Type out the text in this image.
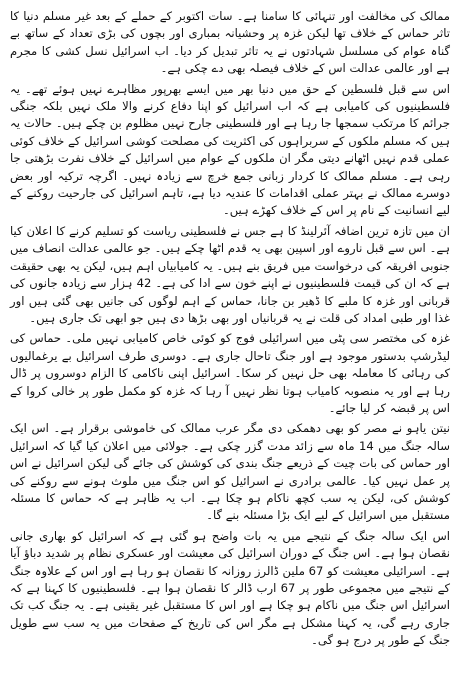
ممالک کی مخالفت اور تنہائی کا سامنا ہے۔ سات اکتوبر کے حملے کے بعد غیر مسلم دنیا کا تاثر حماس کے خلاف تھا لیکن غزہ پر وحشیانہ بمباری اور بچوں کی بڑی تعداد کے ساتھ بے گناہ عوام کی مسلسل شہادتوں نے یہ تاثر تبدیل کر دیا۔ اب اسرائیل نسل کشی کا مجرم ہے اور عالمی عدالت اس کے خلاف فیصلہ بھی دے چکی ہے۔

اس سے قبل فلسطین کے حق میں دنیا بھر میں ایسے بھرپور مظاہرے نہیں ہوئے تھے۔ یہ فلسطینیوں کی کامیابی ہے کہ اب اسرائیل کو اپنا دفاع کرنے والا ملک نہیں بلکہ جنگی جرائم کا مرتکب سمجھا جا رہا ہے اور فلسطینی جارح نہیں مظلوم بن چکے ہیں۔ حالات یہ ہیں کہ مسلم ملکوں کے سربراہوں کی اکثریت کی مصلحت کوشی اسرائیل کے خلاف کوئی عملی قدم نہیں اٹھانے دیتی مگر ان ملکوں کے عوام میں اسرائیل کے خلاف نفرت بڑھتی جا رہی ہے۔ مسلم ممالک کا کردار زبانی جمع خرچ سے زیادہ نہیں۔ اگرچہ ترکیہ اور بعض دوسرے ممالک نے بہتر عملی اقدامات کا عندیہ دیا ہے، تاہم اسرائیل کی جارحیت روکنے کے لیے انسانیت کے نام پر اس کے خلاف کھڑے ہیں۔

ان میں تازہ ترین اضافہ آئرلینڈ کا ہے جس نے فلسطینی ریاست کو تسلیم کرنے کا اعلان کیا ہے۔ اس سے قبل ناروے اور اسپین بھی یہ قدم اٹھا چکے ہیں۔ جو عالمی عدالت انصاف میں جنوبی افریقہ کی درخواست میں فریق بنے ہیں۔ یہ کامیابیاں اہم ہیں، لیکن یہ بھی حقیقت ہے کہ ان کی قیمت فلسطینیوں نے اپنے خون سے ادا کی ہے۔ 42 ہزار سے زیادہ جانوں کی قربانی اور غزہ کا ملبے کا ڈھیر بن جانا، حماس کے اہم لوگوں کی جانیں بھی گئی ہیں اور غذا اور طبی امداد کی قلت نے یہ قربانیاں اور بھی بڑھا دی ہیں جو ابھی تک جاری ہیں۔

غزہ کی مختصر سی پٹی میں اسرائیلی فوج کو کوئی خاص کامیابی نہیں ملی۔ حماس کی لیڈرشپ بدستور موجود ہے اور جنگ تاحال جاری ہے۔ دوسری طرف اسرائیل بے یرغمالیوں کی رہائی کا معاملہ بھی حل نہیں کر سکا۔ اسرائیل اپنی ناکامی کا الزام دوسروں پر ڈال رہا ہے اور یہ منصوبہ کامیاب ہوتا نظر نہیں آ رہا کہ غزہ کو مکمل طور پر خالی کروا کے اس پر قبضہ کر لیا جائے۔

نیتن یاہو نے مصر کو بھی دھمکی دی مگر عرب ممالک کی خاموشی برقرار ہے۔ اس ایک سالہ جنگ میں 14 ماہ سے زائد مدت گزر چکی ہے۔ جولائی میں اعلان کیا گیا کہ اسرائیل اور حماس کی بات چیت کے ذریعے جنگ بندی کی کوشش کی جائے گی لیکن اسرائیل نے اس پر عمل نہیں کیا۔ عالمی برادری نے اسرائیل کو اس جنگ میں ملوث ہونے سے روکنے کی کوشش کی، لیکن یہ سب کچھ ناکام ہو چکا ہے۔ اب یہ ظاہر ہے کہ حماس کا مسئلہ مستقبل میں اسرائیل کے لیے ایک بڑا مسئلہ بنے گا۔

اس ایک سالہ جنگ کے نتیجے میں یہ بات واضح ہو گئی ہے کہ اسرائیل کو بھاری جانی نقصان ہوا ہے۔ اس جنگ کے دوران اسرائیل کی معیشت اور عسکری نظام پر شدید دباؤ آیا ہے۔ اسرائیلی معیشت کو 67 ملین ڈالرز روزانہ کا نقصان ہو رہا ہے اور اس کے علاوہ جنگ کے نتیجے میں مجموعی طور پر 67 ارب ڈالر کا نقصان ہوا ہے۔ فلسطینیوں کا کہنا ہے کہ اسرائیل اس جنگ میں ناکام ہو چکا ہے اور اس کا مستقبل غیر یقینی ہے۔ یہ جنگ کب تک جاری رہے گی، یہ کہنا مشکل ہے مگر اس کی تاریخ کے صفحات میں یہ سب سے طویل جنگ کے طور پر درج ہو گی۔
